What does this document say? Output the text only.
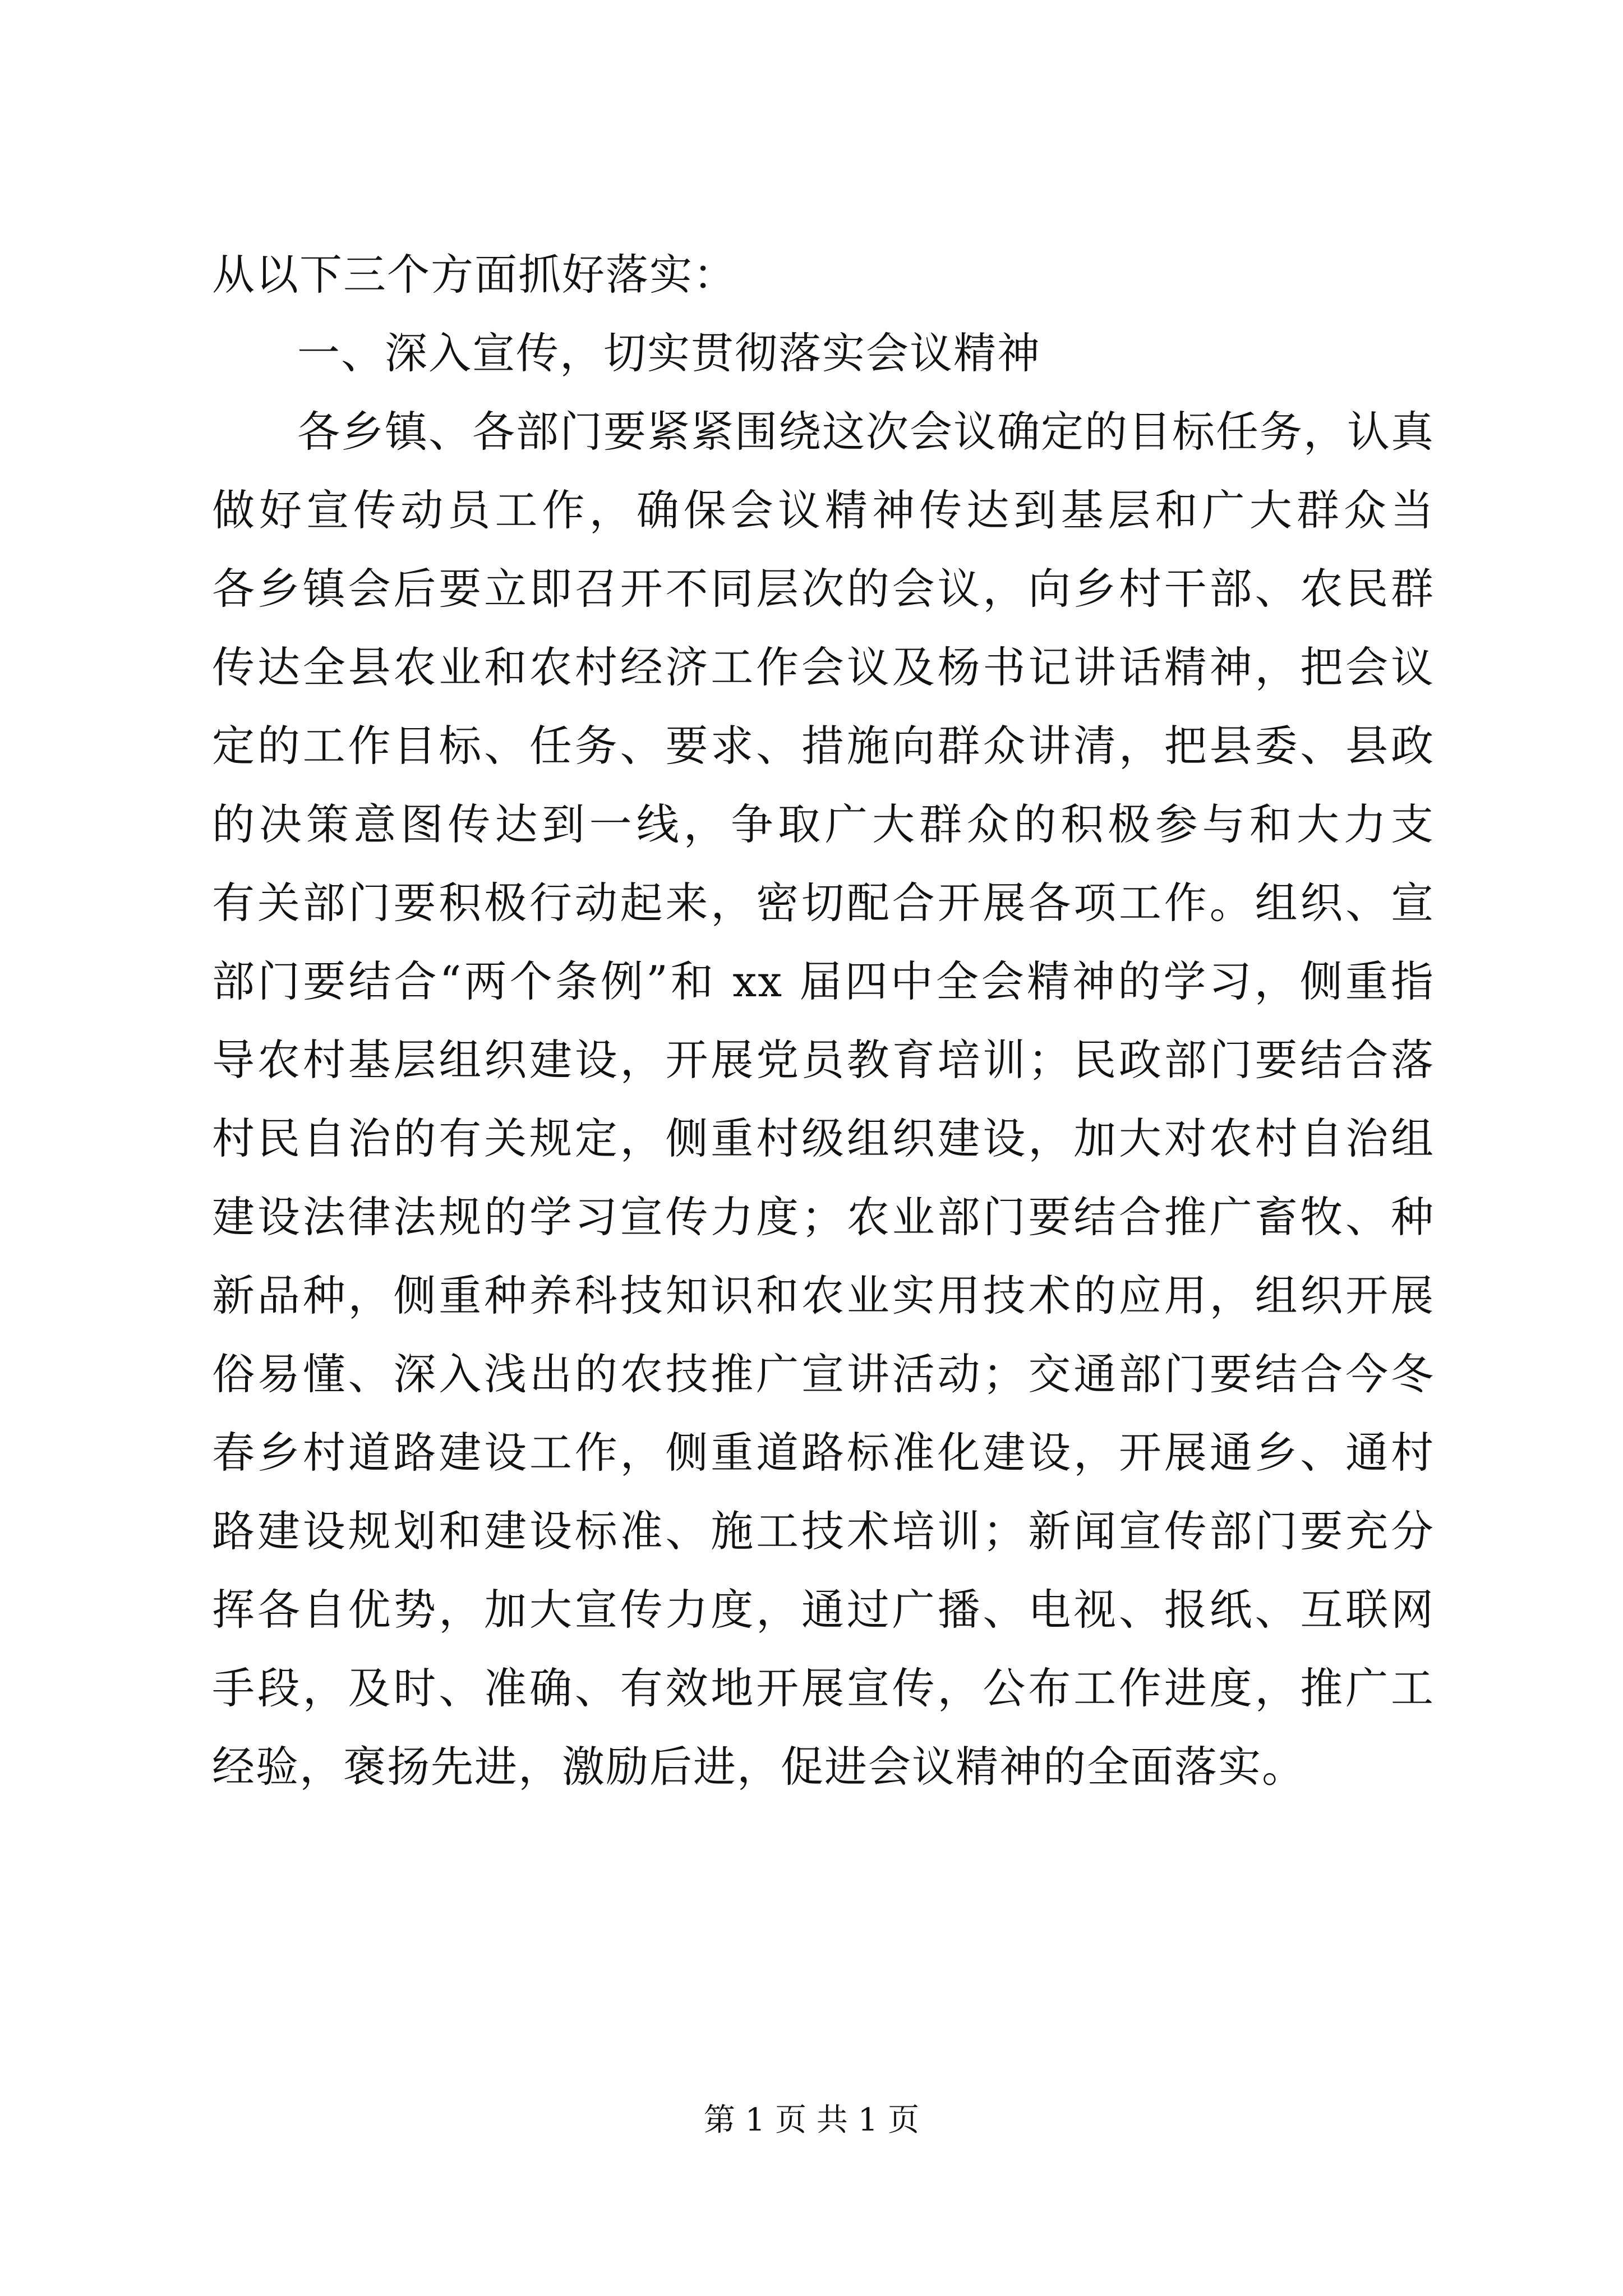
从以下三个方面抓好落实：
一、深入宣传，切实贯彻落实会议精神
各乡镇、各部门要紧紧围绕这次会议确定的目标任务，认真
做好宣传动员工作，确保会议精神传达到基层和广大群众当
各乡镇会后要立即召开不同层次的会议，向乡村干部、农民群
传达全县农业和农村经济工作会议及杨书记讲话精神，把会议
定的工作目标、任务、要求、措施向群众讲清，把县委、县政
的决策意图传达到一线，争取广大群众的积极参与和大力支
有关部门要积极行动起来，密切配合开展各项工作。组织、宣
部门要结合“两个条例”和 xx 届四中全会精神的学习，侧重指
导农村基层组织建设，开展党员教育培训；民政部门要结合落
村民自治的有关规定，侧重村级组织建设，加大对农村自治组
建设法律法规的学习宣传力度；农业部门要结合推广畜牧、种
新品种，侧重种养科技知识和农业实用技术的应用，组织开展
俗易懂、深入浅出的农技推广宣讲活动；交通部门要结合今冬
春乡村道路建设工作，侧重道路标准化建设，开展通乡、通村
路建设规划和建设标准、施工技术培训；新闻宣传部门要充分
挥各自优势，加大宣传力度，通过广播、电视、报纸、互联网
手段，及时、准确、有效地开展宣传，公布工作进度，推广工
经验，褒扬先进，激励后进，促进会议精神的全面落实。
第 1 页 共 1 页
